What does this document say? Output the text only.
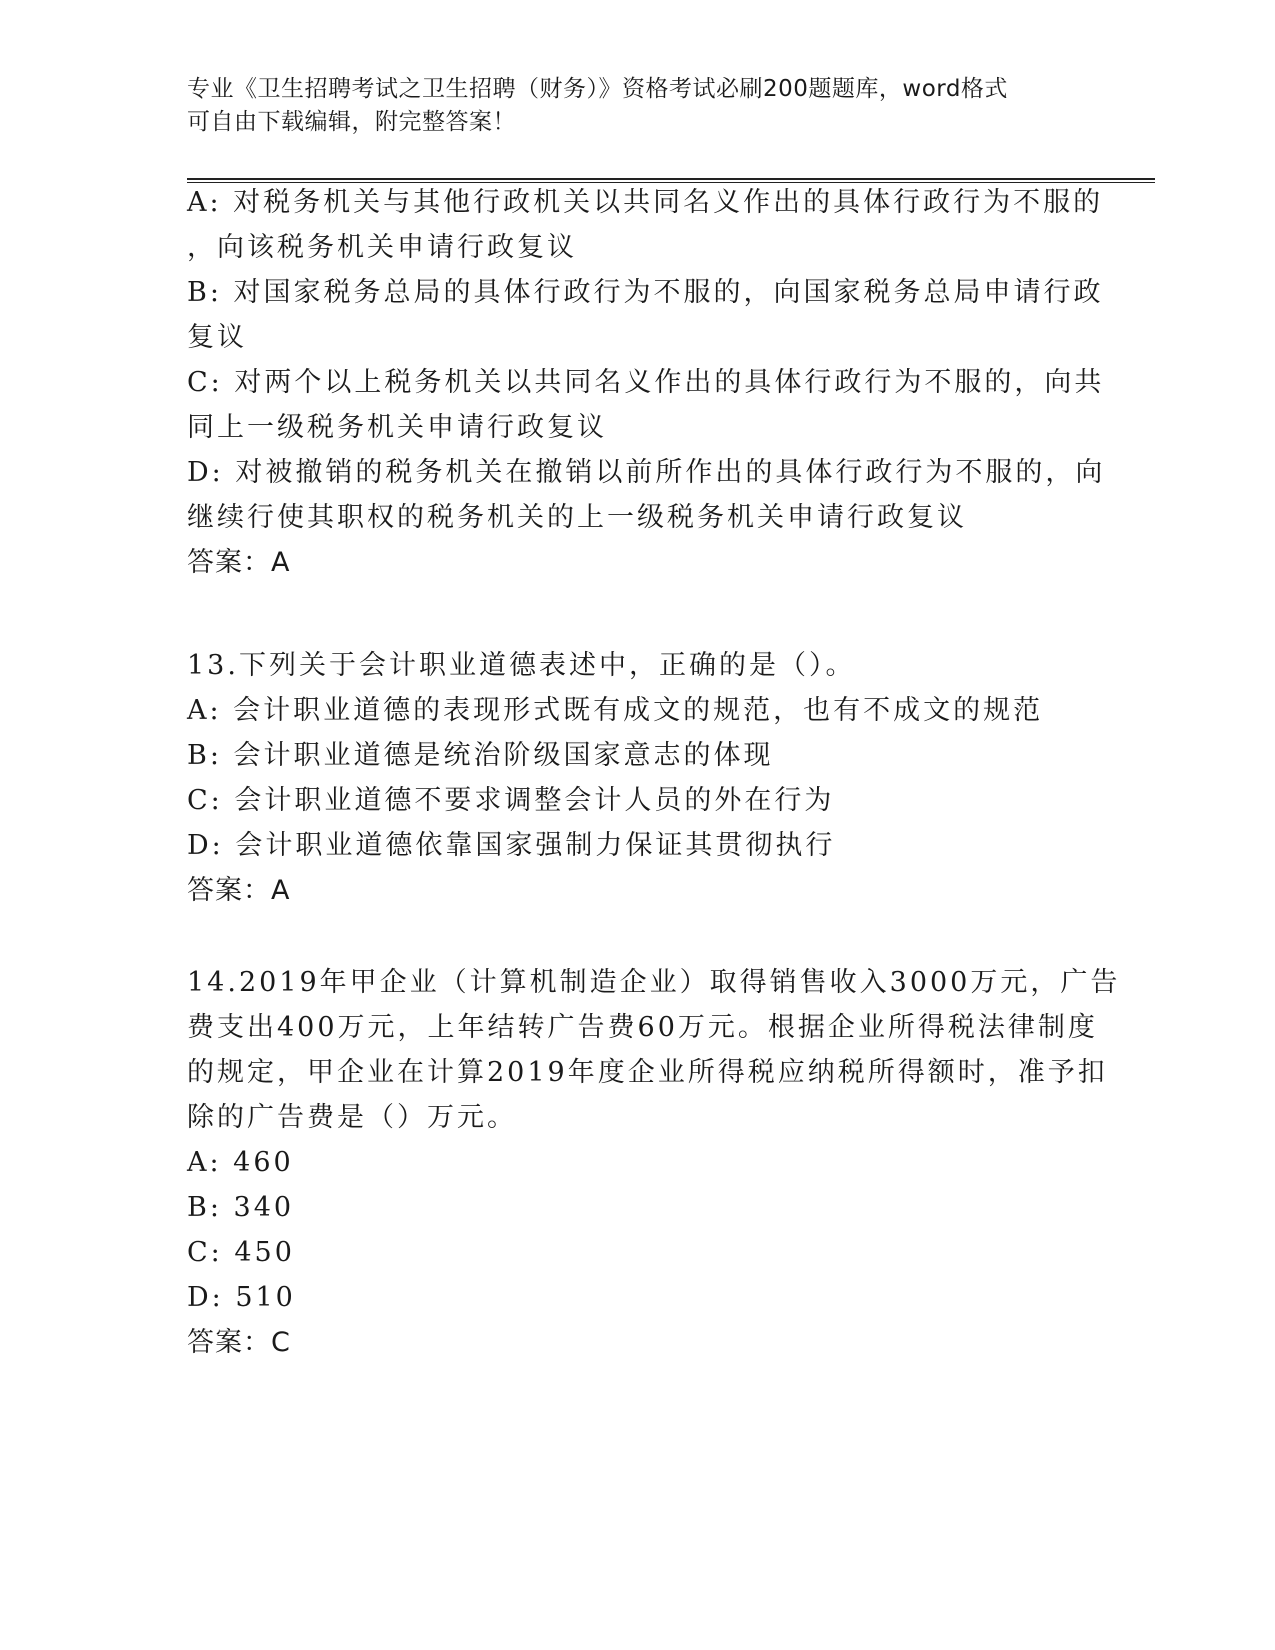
专业《卫生招聘考试之卫生招聘（财务）》资格考试必刷200题题库，word格式
可自由下载编辑，附完整答案！
A: 对税务机关与其他行政机关以共同名义作出的具体行政行为不服的
，向该税务机关申请行政复议
B: 对国家税务总局的具体行政行为不服的，向国家税务总局申请行政
复议
C: 对两个以上税务机关以共同名义作出的具体行政行为不服的，向共
同上一级税务机关申请行政复议
D: 对被撤销的税务机关在撤销以前所作出的具体行政行为不服的，向
继续行使其职权的税务机关的上一级税务机关申请行政复议
答案：A
13.下列关于会计职业道德表述中，正确的是（）。
A: 会计职业道德的表现形式既有成文的规范，也有不成文的规范
B: 会计职业道德是统治阶级国家意志的体现
C: 会计职业道德不要求调整会计人员的外在行为
D: 会计职业道德依靠国家强制力保证其贯彻执行
答案：A
14.2019年甲企业（计算机制造企业）取得销售收入3000万元，广告
费支出400万元，上年结转广告费60万元。根据企业所得税法律制度
的规定，甲企业在计算2019年度企业所得税应纳税所得额时，准予扣
除的广告费是（）万元。
A: 460
B: 340
C: 450
D: 510
答案：C
